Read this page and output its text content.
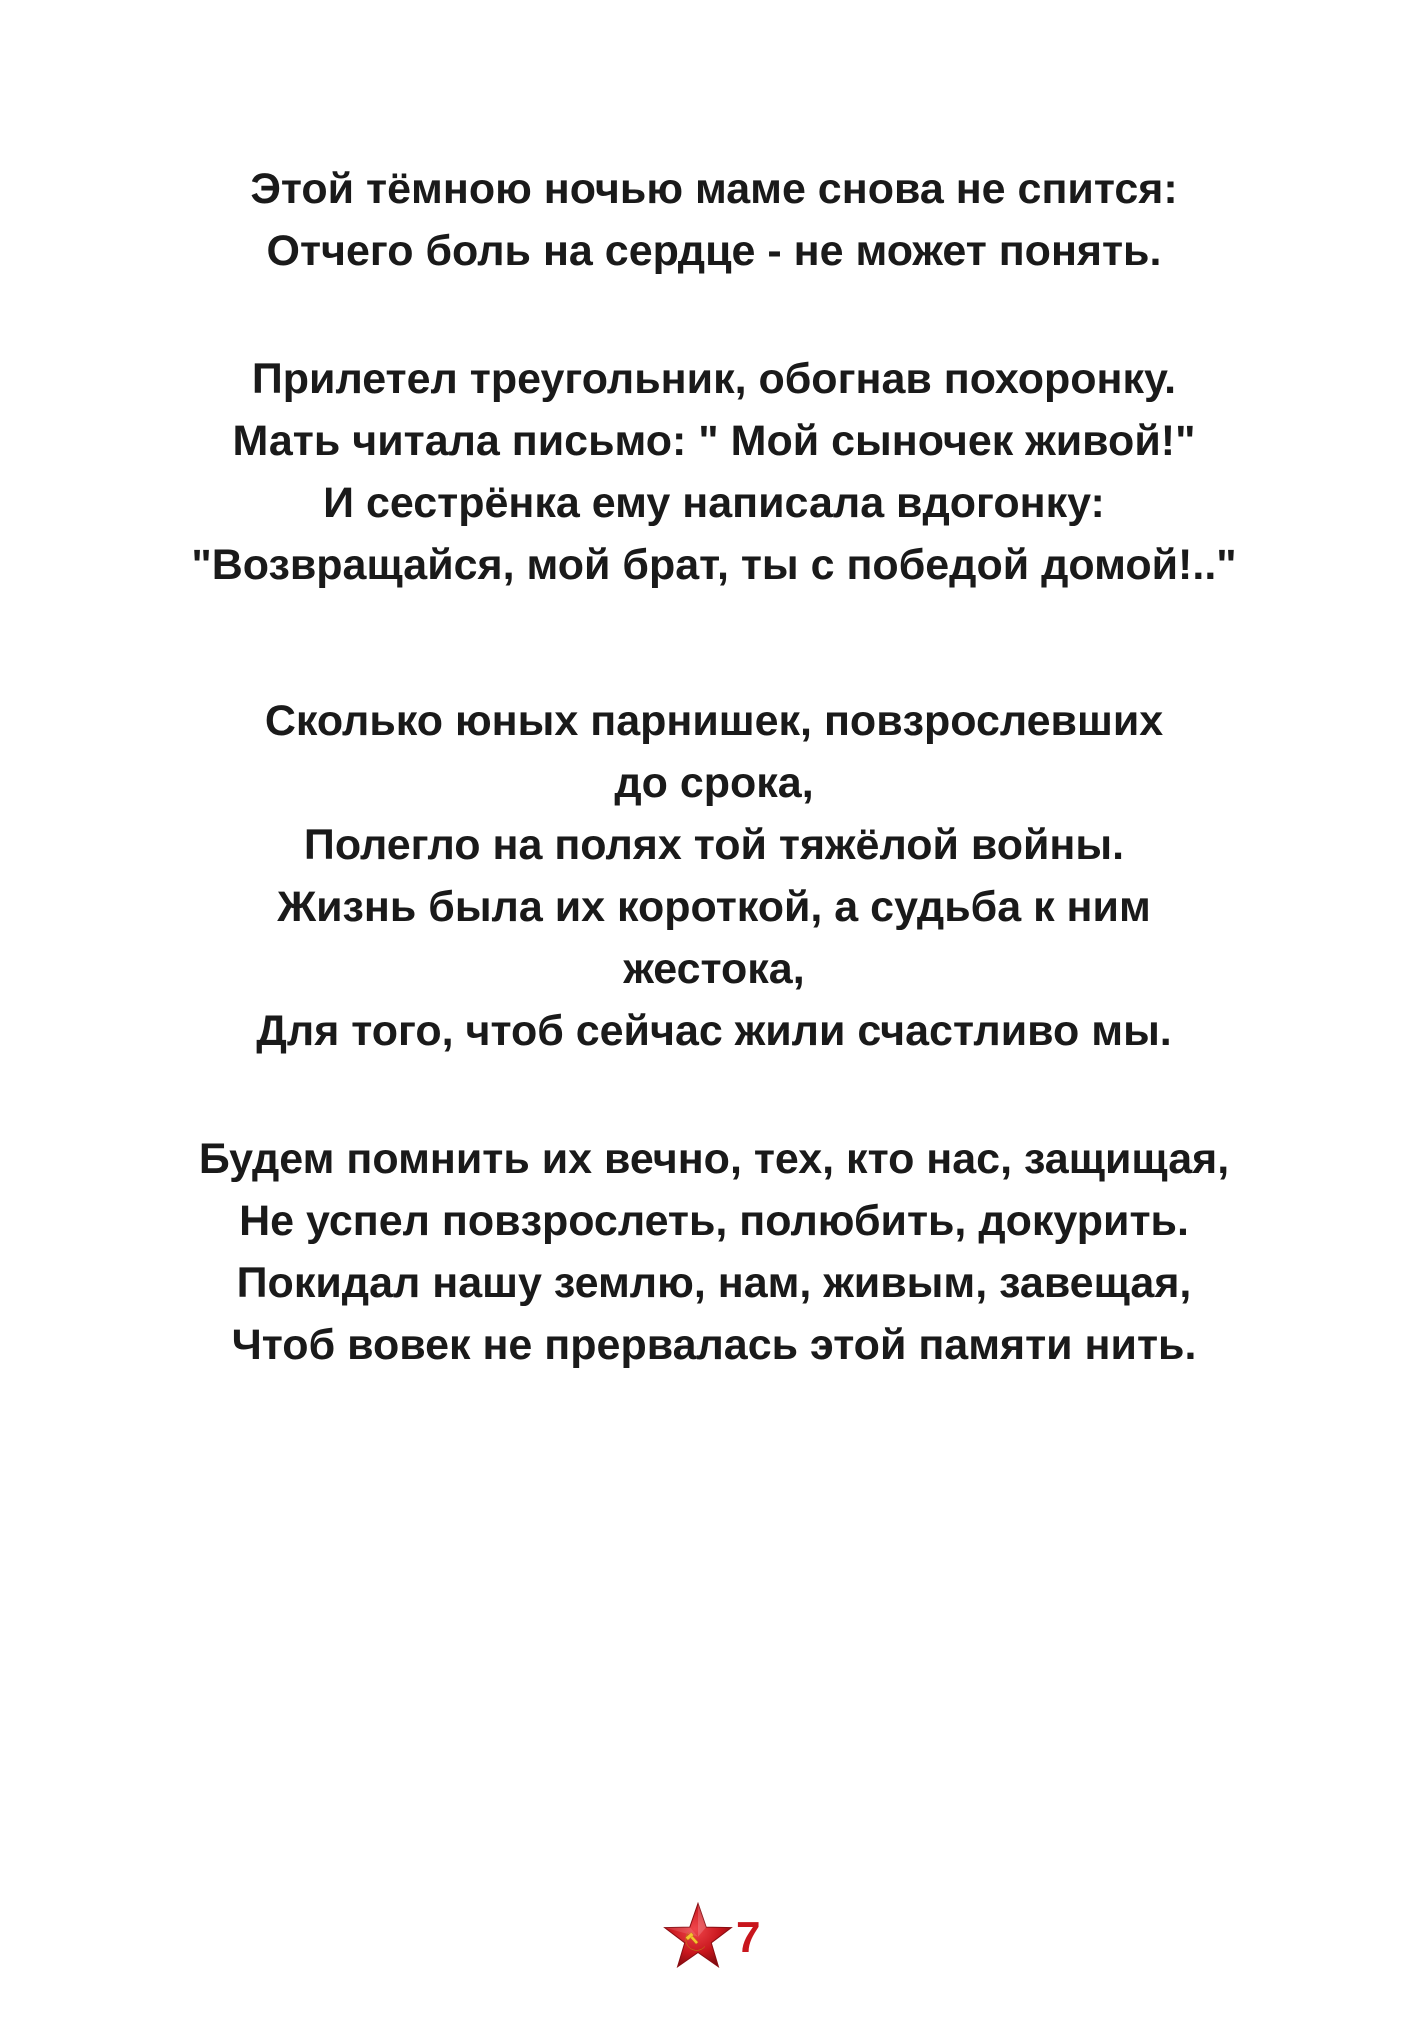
Этой тёмною ночью маме снова не спится:
Отчего боль на сердце - не может понять.
Прилетел треугольник, обогнав похоронку.
Мать читала письмо: " Мой сыночек живой!"
И сестрёнка ему написала вдогонку:
"Возвращайся, мой брат, ты с победой домой!.."
Сколько юных парнишек, повзрослевших
до срока,
Полегло на полях той тяжёлой войны.
Жизнь была их короткой, а судьба к ним
жестока,
Для того, чтоб сейчас жили счастливо мы.
Будем помнить их вечно, тех, кто нас, защищая,
Не успел повзрослеть, полюбить, докурить.
Покидал нашу землю, нам, живым, завещая,
Чтоб вовек не прервалась этой памяти нить.
7
